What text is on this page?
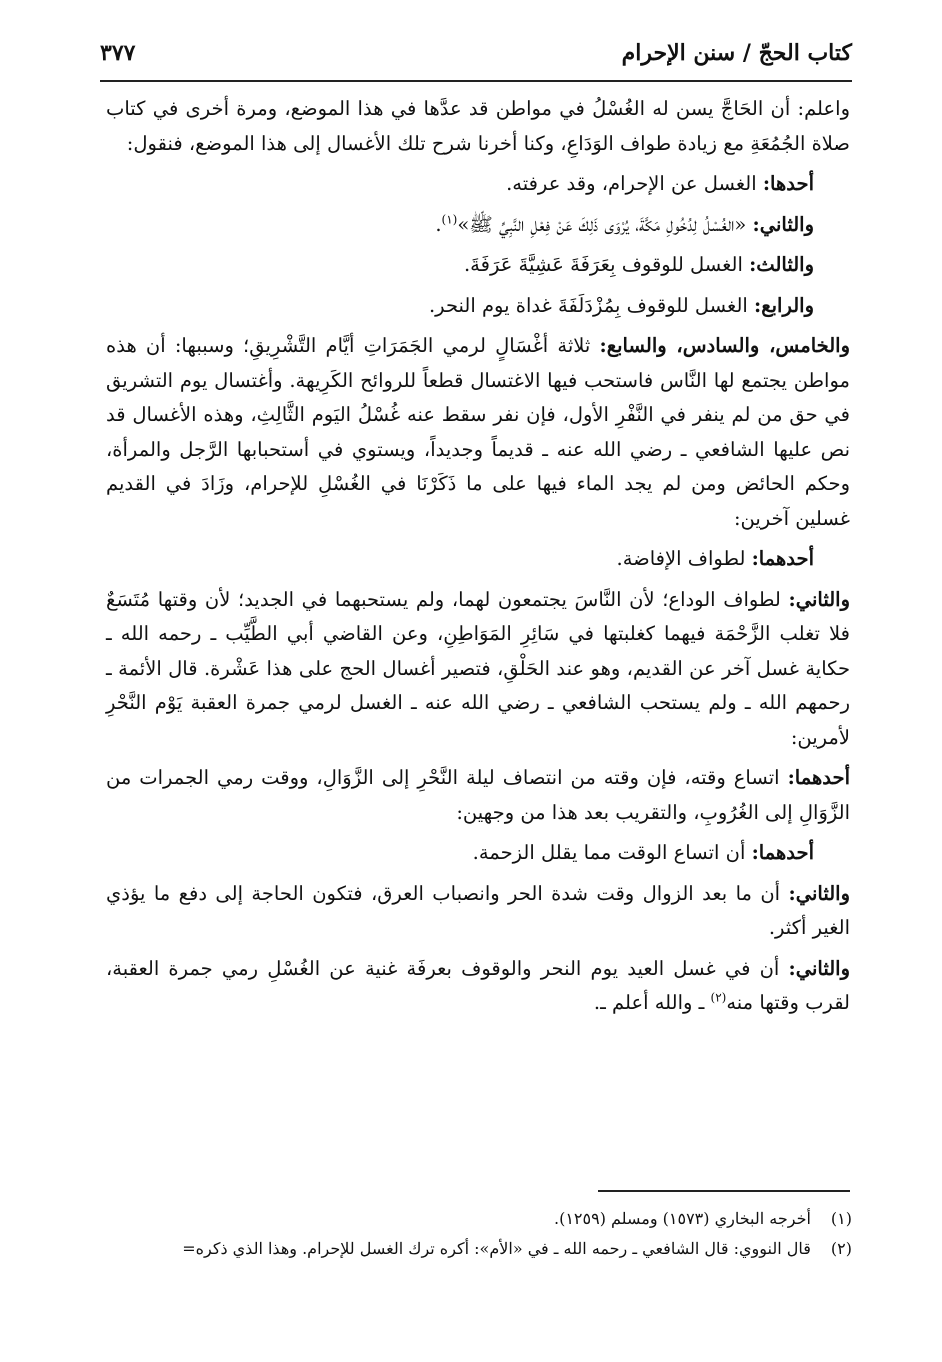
كتاب الحجّ / سنن الإحرام
٣٧٧

واعلم: أن الحَاجَّ يسن له الغُسْلُ في مواطن قد عدَّها في هذا الموضع، ومرة أخرى في كتاب صلاة الجُمُعَةِ مع زيادة طواف الوَدَاعِ، وكنا أخرنا شرح تلك الأغسال إلى هذا الموضع، فنقول:

أحدها: الغسل عن الإحرام، وقد عرفته.

والثاني: «الغُسْلُ لِدُخُولِ مَكَّةَ، يُرْوَى ذَلِكَ عَنْ فِعْلِ النَّبِيِّ ﷺ»$^{(١)}$.

والثالث: الغسل للوقوف بِعَرَفَةَ عَشِيَّةَ عَرَفَةَ.

والرابع: الغسل للوقوف بِمُزْدَلَفَةَ غداة يوم النحر.

والخامس، والسادس، والسابع: ثلاثة أغْسَالٍ لرمي الجَمَرَاتِ أيَّام التَّشْرِيقِ؛ وسببها: أن هذه مواطن يجتمع لها النَّاس فاستحب فيها الاغتسال قطعاً للروائح الكَرِيهة. وأغتسال يوم التشريق في حق من لم ينفر في النَّفْرِ الأول، فإن نفر سقط عنه غُسْلُ اليَوم الثَّالِثِ، وهذه الأغسال قد نص عليها الشافعي ـ رضي الله عنه ـ قديماً وجديداً، ويستوي في أستحبابها الرَّجل والمرأة، وحكم الحائض ومن لم يجد الماء فيها على ما ذَكَرْنَا في الغُسْلِ للإحرام، وزَادَ في القديم غسلين آخرين:

أحدهما: لطواف الإفاضة.

والثاني: لطواف الوداع؛ لأن النَّاسَ يجتمعون لهما، ولم يستحبهما في الجديد؛ لأن وقتها مُتَسَعٌ فلا تغلب الزَّحْمَة فيهما كغلبتها في سَائِرِ المَوَاطِنِ، وعن القاضي أبي الطَّيِّب ـ رحمه الله ـ حكاية غسل آخر عن القديم، وهو عند الحَلْقِ، فتصير أغسال الحج على هذا عَشْرة. قال الأئمة ـ رحمهم الله ـ ولم يستحب الشافعي ـ رضي الله عنه ـ الغسل لرمي جمرة العقبة يَوْم النَّحْرِ لأمرين:

أحدهما: اتساع وقته، فإن وقته من انتصاف ليلة النَّحْرِ إلى الزَّوَالِ، ووقت رمي الجمرات من الزَّوَالِ إلى الغُرُوبِ، والتقريب بعد هذا من وجهين:

أحدهما: أن اتساع الوقت مما يقلل الزحمة.

والثاني: أن ما بعد الزوال وقت شدة الحر وانصباب العرق، فتكون الحاجة إلى دفع ما يؤذي الغير أكثر.

والثاني: أن في غسل العيد يوم النحر والوقوف بعرفَة غنية عن الغُسْلِ رمي جمرة العقبة، لقرب وقتها منه$^{(٢)}$ ـ والله أعلم ـ.

(١) أخرجه البخاري (١٥٧٣) ومسلم (١٢٥٩).
(٢) قال النووي: قال الشافعي ـ رحمه الله ـ في «الأم»: أكره ترك الغسل للإحرام. وهذا الذي ذكره=
